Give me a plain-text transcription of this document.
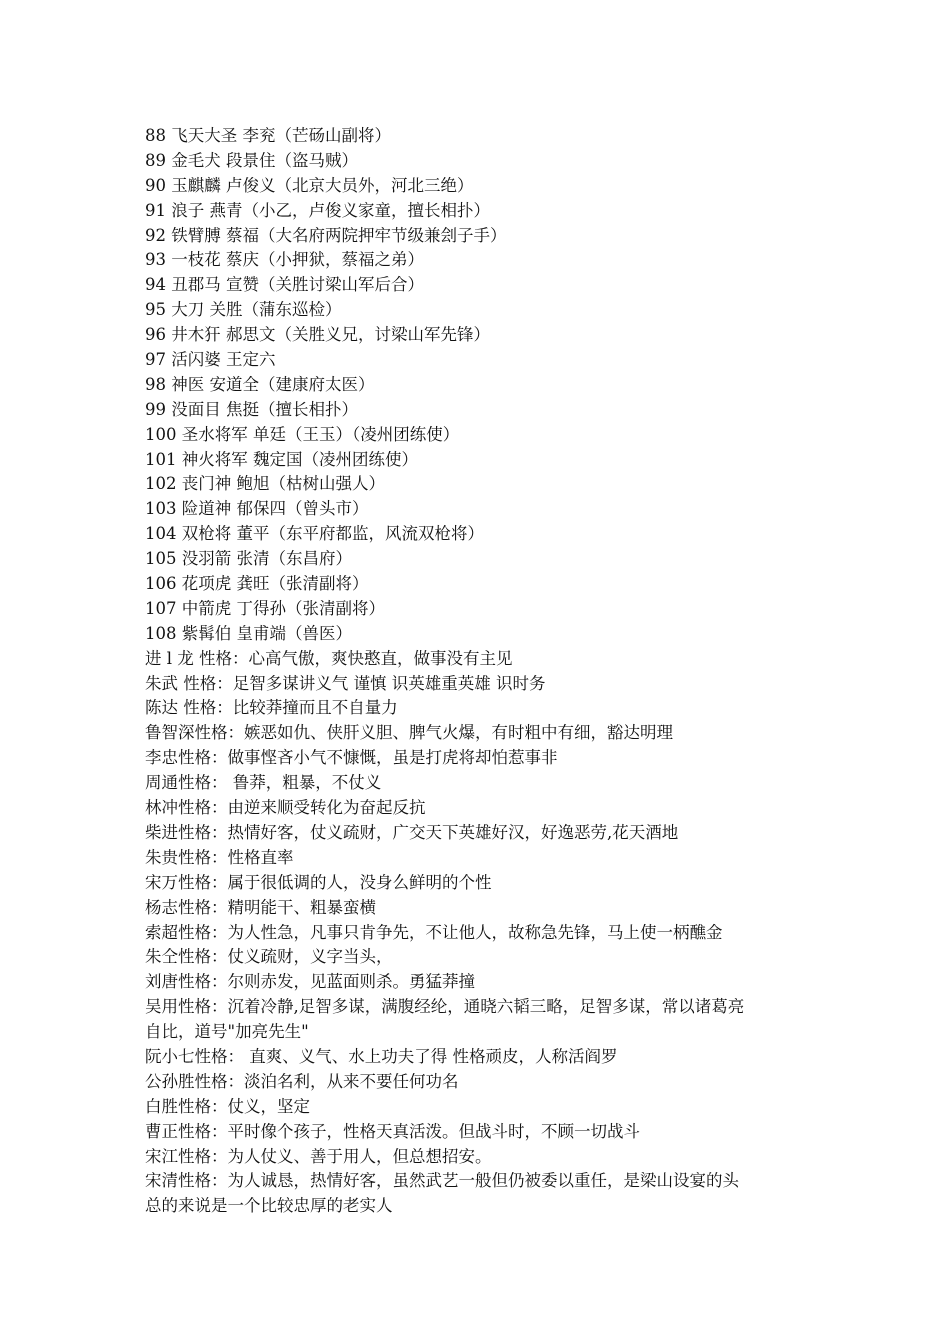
88 飞天大圣 李兖（芒砀山副将）
89 金毛犬 段景住（盗马贼）
90 玉麒麟 卢俊义（北京大员外，河北三绝）
91 浪子 燕青（小乙，卢俊义家童，擅长相扑）
92 铁臂膊 蔡福（大名府两院押牢节级兼刽子手）
93 一枝花 蔡庆（小押狱，蔡福之弟）
94 丑郡马 宣赞（关胜讨梁山军后合）
95 大刀 关胜（蒲东巡检）
96 井木犴 郝思文（关胜义兄，讨梁山军先锋）
97 活闪婆 王定六
98 神医 安道全（建康府太医）
99 没面目 焦挺（擅长相扑）
100 圣水将军 单廷（王玉）（凌州团练使）
101 神火将军 魏定国（凌州团练使）
102 丧门神 鲍旭（枯树山强人）
103 险道神 郁保四（曾头市）
104 双枪将 董平（东平府都监，风流双枪将）
105 没羽箭 张清（东昌府）
106 花项虎 龚旺（张清副将）
107 中箭虎 丁得孙（张清副将）
108 紫髯伯 皇甫端（兽医）
进 l 龙 性格：心高气傲，爽快憨直，做事没有主见
朱武 性格：足智多谋讲义气 谨慎 识英雄重英雄 识时务
陈达 性格：比较莽撞而且不自量力
鲁智深性格：嫉恶如仇、侠肝义胆、脾气火爆，有时粗中有细，豁达明理
李忠性格：做事悭吝小气不慷慨，虽是打虎将却怕惹事非
周通性格： 鲁莽，粗暴，不仗义
林冲性格：由逆来顺受转化为奋起反抗
柴进性格：热情好客，仗义疏财，广交天下英雄好汉，好逸恶劳,花天酒地
朱贵性格：性格直率
宋万性格：属于很低调的人，没身么鲜明的个性
杨志性格：精明能干、粗暴蛮横
索超性格：为人性急，凡事只肯争先，不让他人，故称急先锋，马上使一柄醮金
朱仝性格：仗义疏财，义字当头，
刘唐性格：尔则赤发，见蓝面则杀。勇猛莽撞
吴用性格：沉着冷静,足智多谋，满腹经纶，通晓六韬三略，足智多谋，常以诸葛亮
自比，道号"加亮先生"
阮小七性格： 直爽、义气、水上功夫了得 性格顽皮，人称活阎罗
公孙胜性格：淡泊名利，从来不要任何功名
白胜性格：仗义，坚定
曹正性格：平时像个孩子，性格天真活泼。但战斗时，不顾一切战斗
宋江性格：为人仗义、善于用人，但总想招安。
宋清性格：为人诚恳，热情好客，虽然武艺一般但仍被委以重任，是梁山设宴的头
总的来说是一个比较忠厚的老实人
